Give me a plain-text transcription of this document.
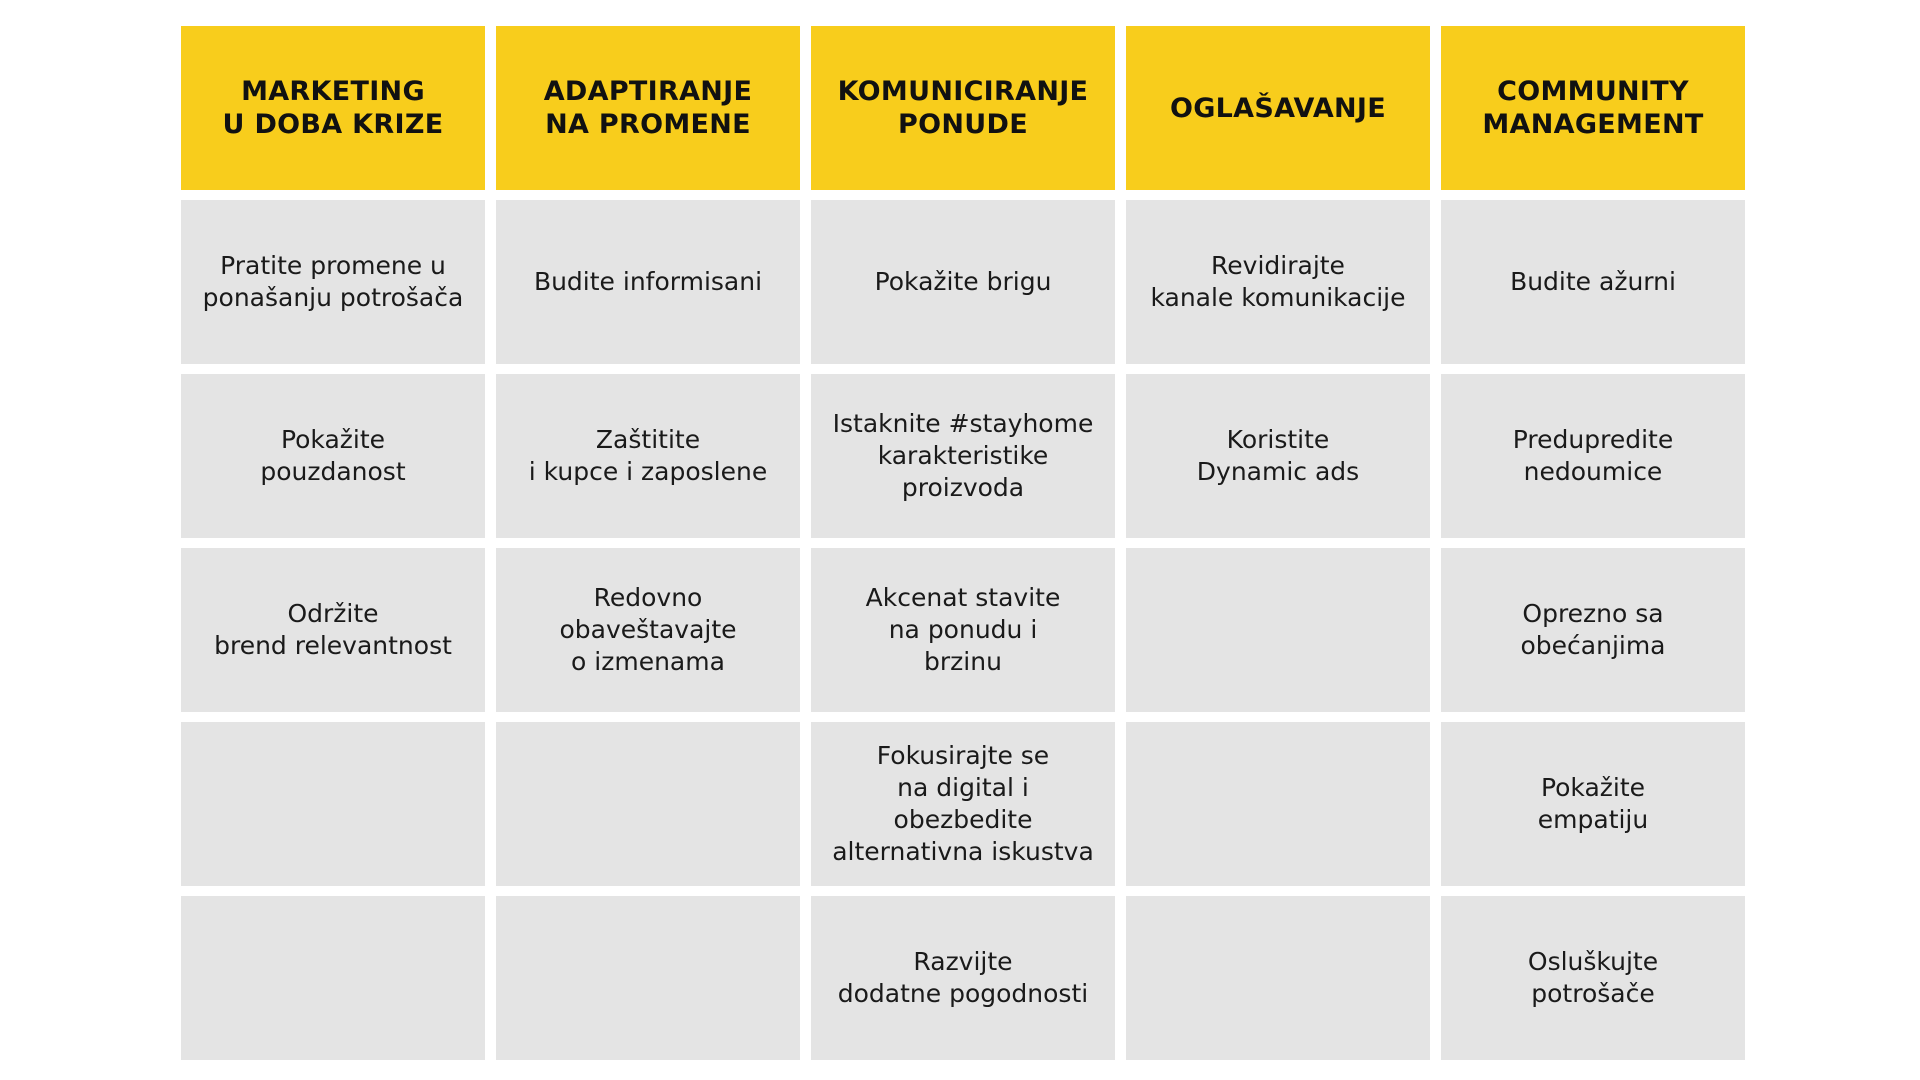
MARKETING
U DOBA KRIZE
ADAPTIRANJE
NA PROMENE
KOMUNICIRANJE
PONUDE
OGLAŠAVANJE
COMMUNITY
MANAGEMENT
Pratite promene u
ponašanju potrošača
Budite informisani	Pokažite brigu
Revidirajte
kanale komunikacije
Budite ažurni
Pokažite
pouzdanost
Zaštitite
i kupce i zaposlene
Istaknite #stayhome
karakteristike
proizvoda
Koristite
Dynamic ads
Predupredite
nedoumice
Održite
brend relevantnost
Redovno
obaveštavajte
o izmenama
Akcenat stavite
na ponudu i
brzinu
Oprezno sa
obećanjima
Fokusirajte se
na digital i obezbedite
alternativna iskustva
Pokažite
empatiju
Razvijte
dodatne pogodnosti
Osluškujte
potrošače
